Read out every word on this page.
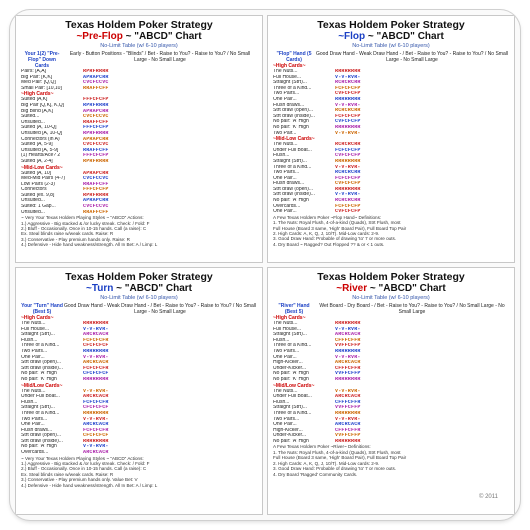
Texas Holdem Poker Strategy
~Pre-Flop ~ "ABCD" Chart
No-Limit Table (w/ 6-10 players)
Your 1(2) "Pre-Flop" Down Cards
Early - Button Positions - "Blinds" / Bet - Raise to You? - Raise to You? / No Small Large - No Small Large
Pairs: [A,A]	RPRFRRRR
Big Pair: [K,K]	APRAPCRR
Med Pair: [Q,Q]	CVCFCCVC
Small Pair: [10,10]	RRAFFCFF
~High Cards~
Suited [A,K]	FFFCFCFP
Big Pair [Q,K], K,Q]	RPRFRRRR
Big Blind [A,K]	APRAPCRR
Suited...	CVCFCCVC
Unsuited...	RRAFFCFF
Suited [A, 10-Q]	FFFCFCFP
Unsuited [A, 10-Q]	RPRFRRRR
Connectors (in A)	APRAPCRR
Suited [A, 5-9]	CVCFCCVC
Unsuited [A, 5-9]	RRAFFCFF
(1) Hearts/Ace? 2	FFFCFCFP
Suited [A, 2-4]	RPRFRRRR
~Mid-Low Cards~
Suited [A, 10]	APRAPCRR
Med-Mid Pairs (4-7)	CVCFCCVC
Low Pairs (2-3)	RRAFFCFF
Connectors	FFFCFCFP
Suited [ex. 9,8]	RPRFRRRR
Unsuited...	APRAPCRR
Suited: 1 Gap...	CVCFCCVC
Unsuited...	RRAFFCFF
~ Very Your Texas Holdem Playing Styles ~ "ABCD" Actions:
1.) Aggressive - Big stacked & /or lucky streak. Check: / Fold: F
2.) Bluff - Occasionally. Once in 10-15 hands. Call (a raise): C
Ex. Steal blinds raise w/weak cards. Raise: R
3.) Conservative - Play premium hands only. Raise: R
4.) Defensive - Hide hand weakness/strength. All In Bet: A / Limp: L
Texas Holdem Poker Strategy
~Flop ~ "ABCD" Chart
No-Limit Table (w/ 6-10 players)
"Flop" Hand (5 Cards)
Good Draw Hand - Weak Draw Hand - / Bet - Raise to You? - Raise to You? / No Small Large - No Small Large
~High Cards~
The Nuts...	RRRRRRRR
Full House...	V-V-RVR-
Straight (Strt)...	RCRCRCRR
Three of a Kind...	FCFCFCFP
Two Pairs...	CVFCFCFP
One Pair...	RRRRRRRR
Flush draws...	V-V-RVR-
Strt draw (open)...	RCRCRCRR
Strt draw (inside)...	FCFCFCFP
No pair: 'A' High	CVFCFCFP
No pair: 'K' High	RRRRRRRR
Two Pair...	V-V-RVR-
~Mid-Low Cards~
The Nuts...	RCRCRCRR
Under Full Boat...	FCFCFCFP
Flush...	CVFCFCFP
Straight (Strt)...	RRRRRRRR
Three of a Kind...	V-V-RVR-
Two Pairs...	RCRCRCRR
One Pair...	FCFCFCFP
Flush draws...	CVFCFCFP
Strt draw (open)...	RRRRRRRR
Strt draw (inside)...	V-V-RVR-
No pair: 'A' High	RCRCRCRR
Overcards...	FCFCFCFP
One Pair...	CVFCFCFP
A Few Texas Holdem Poker ~Flop Hand~ Definitions:
1. The Nuts: Royal Flush, 4-of-a-kind (Quads), Strt Flush, most
Full House (Board 3 same, 'High' Board Pair), Full Board Top Pair
2. High Cards: A, K, Q, J, 10/T). Mid-Low cards: 2-9.
3. Good Draw Hand: Probable of drawing 'to' 7 or more outs.
4. Dry Board ~ Ragged? Out Flopped ?? & or < 1 outs.
Texas Holdem Poker Strategy
~Turn ~ "ABCD" Chart
No-Limit Table (w/ 6-10 players)
Your "Turn" Hand (Best 5)
Good Draw Hand - Weak Draw Hand - / Bet - Raise to You? - Raise to You? / No Small Large - No Small Large
~High Cards~
The Nuts...	RRRRRRRR
Full House...	V-V-RVR-
Straight (Strt)...	ARCRCACR
Flush...	FCFCFCFR
Three of a Kind...	CFCFCFCF
Two Pairs...	RRRRRRRR
One Pair...	V-V-RVR-
Strt draw (open)...	ARCRCACR
Strt draw (inside)...	FCFCFCFR
No pair: 'A' High	CFCFCFCF
No pair: 'K' High	RRRRRRRR
~Mid/Low Cards~
The Nuts...	V-V-RVR-
Under Full Boat...	ARCRCACR
Flush...	FCFCFCFR
Straight (Strt)...	CFCFCFCF
Three of a Kind...	RRRRRRRR
Two Pairs...	V-V-RVR-
One Pair...	ARCRCACR
Flush draws...	FCFCFCFR
Strt draw (open)...	CFCFCFCF
Strt draw (inside)...	RRRRRRRR
No pair: 'A' High	V-V-RVR-
Overcards...	ARCRCACR
~ Very Your Texas Holdem Playing Styles ~ "ABCD" Actions:
1.) Aggressive - Big stacked & /or lucky streak. Check: / Fold: F
2.) Bluff - Occasionally. Once in 10-15 hands. Call (a raise): C
Ex. Steal blinds raise w/weak cards. Raise: R
3.) Conservative - Play premium hands only. Value Bet: V
4.) Defensive - Hide hand weakness/strength. All In Bet: A / Limp: L
Texas Holdem Poker Strategy
~River ~ "ABCD" Chart
No-Limit Table (w/ 6-10 players)
"River" Hand (Best 5)
Wet Board - Dry Board - / Bet - Raise to You? - Raise to You? / No Small Large - No Small Large
~High Cards~
The Nuts...	RRRRRRRR
Full House...	V-V-RVR-
Straight (Strt)...	ARCRCACR
Flush...	CFFFCFFR
Three of a Kind...	VVFFCFFP
Two Pairs...	RRRRRRRR
One Pair...	V-V-RVR-
High-Kicker...	ARCRCACR
Under-Kicker...	CFFFCFFR
No pair: 'A' High	VVFFCFFP
No pair: 'K' High	RRRRRRRR
~Mid/Low Cards~
The Nuts...	V-V-RVR-
Under Full Boat...	ARCRCACR
Flush...	CFFFCFFR
Straight (Strt)...	VVFFCFFP
Three of a Kind...	RRRRRRRR
Two Pairs...	V-V-RVR-
One Pair...	ARCRCACR
High-Kicker...	CFFFCFFR
Under-Kicker...	VVFFCFFP
No pair: 'A' High	RRRRRRRR
A Few Texas Holdem Poker ~River~ Definitions:
1. The Nuts: Royal Flush, 4-of-a-kind (Quads), Strt Flush, most
Full House (Board 3 same, 'High' Board Pair), Full Board Top Pair
2. High Cards: A, K, Q, J, 10/T). Mid-Low cards: 2-9.
3. Good Draw Hand: Probable of drawing 'to' 7 or more outs.
4. Dry Board 'Ragged' Community Cards.
© 2011
